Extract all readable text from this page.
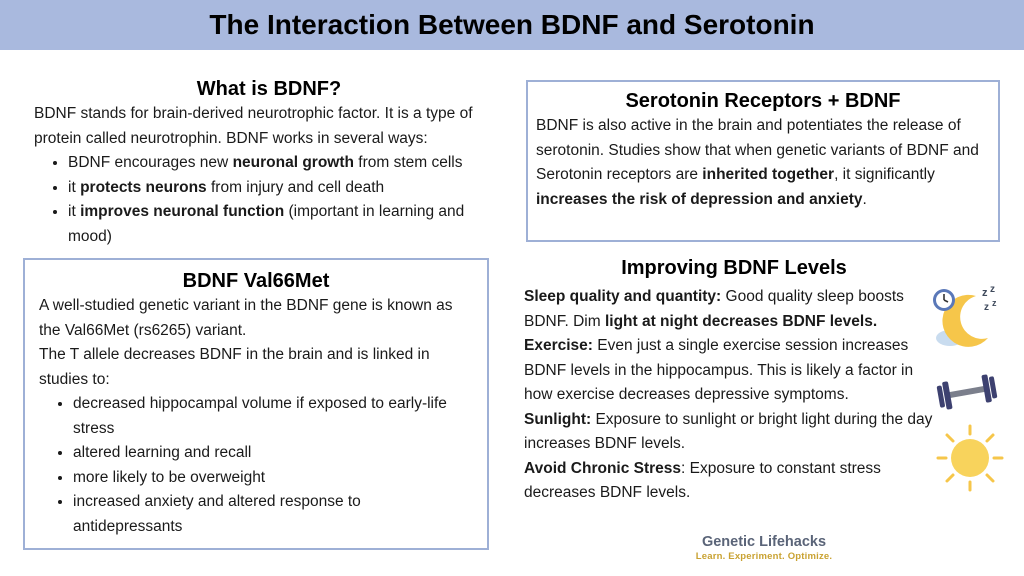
The Interaction Between BDNF and Serotonin
What is BDNF?

BDNF stands for brain-derived neurotrophic factor. It is a type of protein called neurotrophin. BDNF works in several ways:

• BDNF encourages new neuronal growth from stem cells
• it protects neurons from injury and cell death
• it improves neuronal function (important in learning and mood)
BDNF Val66Met

A well-studied genetic variant in the BDNF gene is known as the Val66Met (rs6265) variant.

The T allele decreases BDNF in the brain and is linked in studies to:

• decreased hippocampal volume if exposed to early-life stress
• altered learning and recall
• more likely to be overweight
• increased anxiety and altered response to antidepressants
Serotonin Receptors + BDNF

BDNF is also active in the brain and potentiates the release of serotonin. Studies show that when genetic variants of BDNF and Serotonin receptors are inherited together, it significantly increases the risk of depression and anxiety.

Improving BDNF Levels

Sleep quality and quantity: Good quality sleep boosts BDNF. Dim light at night decreases BDNF levels.

Exercise: Even just a single exercise session increases BDNF levels in the hippocampus. This is likely a factor in how exercise decreases depressive symptoms.

Sunlight: Exposure to sunlight or bright light during the day increases BDNF levels.

Avoid Chronic Stress: Exposure to constant stress decreases BDNF levels.

z z
z z
Genetic Lifehacks
Learn. Experiment. Optimize.
